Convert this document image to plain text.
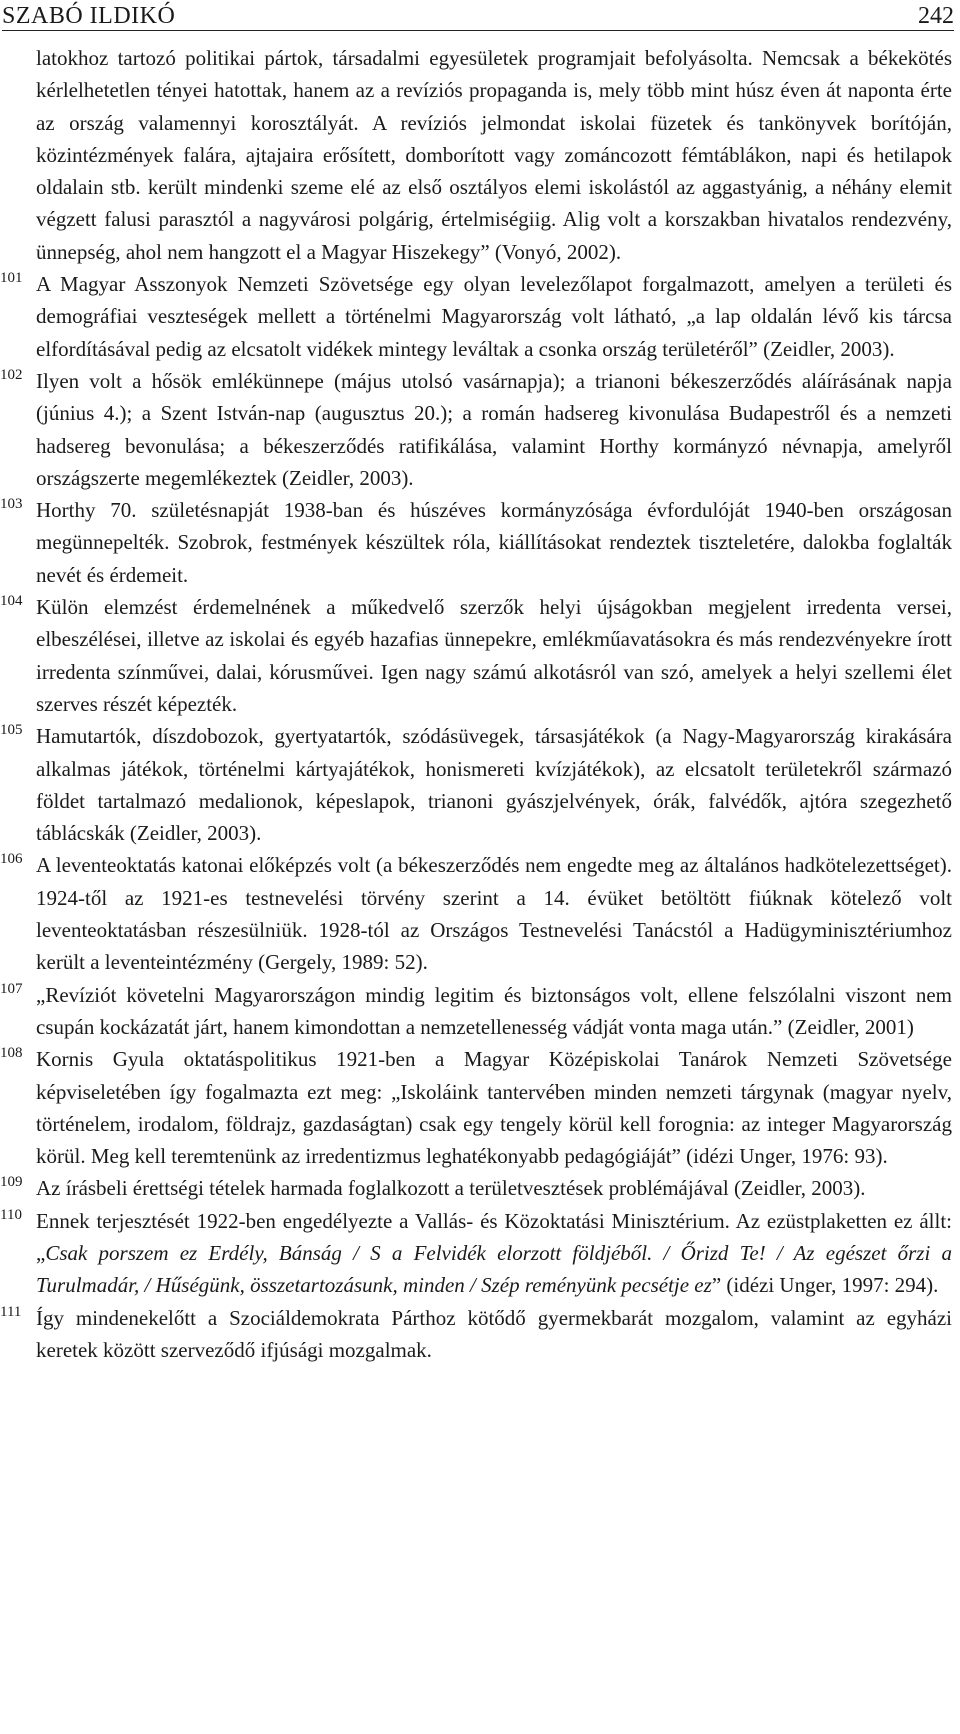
SZABÓ ILDIKÓ	242
latokhoz tartozó politikai pártok, társadalmi egyesületek programjait befolyásolta. Nemcsak a békekötés kérlelhetetlen tényei hatottak, hanem az a revíziós propaganda is, mely több mint húsz éven át naponta érte az ország valamennyi korosztályát. A revíziós jelmondat iskolai füzetek és tankönyvek borítóján, közintézmények falára, ajtajaira erősített, domborított vagy zománcozott fémtáblákon, napi és hetilapok oldalain stb. került mindenki szeme elé az első osztályos elemi iskolástól az aggastyánig, a néhány elemit végzett falusi parasztól a nagyvárosi polgárig, értelmiségiig. Alig volt a korszakban hivatalos rendezvény, ünnepség, ahol nem hangzott el a Magyar Hiszekegy” (Vonyó, 2002).
101 A Magyar Asszonyok Nemzeti Szövetsége egy olyan levelezőlapot forgalmazott, amelyen a területi és demográfiai veszteségek mellett a történelmi Magyarország volt látható, „a lap oldalán lévő kis tárcsa elfordításával pedig az elcsatolt vidékek mintegy leváltak a csonka ország területéről” (Zeidler, 2003).
102 Ilyen volt a hősök emlékünnepe (május utolsó vasárnapja); a trianoni békeszerződés aláírásának napja (június 4.); a Szent István-nap (augusztus 20.); a román hadsereg kivonulása Budapestről és a nemzeti hadsereg bevonulása; a békeszerződés ratifikálása, valamint Horthy kormányzó névnapja, amelyről országszerte megemlékeztek (Zeidler, 2003).
103 Horthy 70. születésnapját 1938-ban és húszéves kormányzósága évfordulóját 1940-ben országosan megünnepelték. Szobrok, festmények készültek róla, kiállításokat rendeztek tiszteletére, dalokba foglalták nevét és érdemeit.
104 Külön elemzést érdemelnének a műkedvelő szerzők helyi újságokban megjelent irredenta versei, elbeszélései, illetve az iskolai és egyéb hazafias ünnepekre, emlékműavatásokra és más rendezvényekre írott irredenta színművei, dalai, kórusművei. Igen nagy számú alkotásról van szó, amelyek a helyi szellemi élet szerves részét képezték.
105 Hamutartók, díszdobozok, gyertyatartók, szódásüvegek, társasjátékok (a Nagy-Magyarország kirakására alkalmas játékok, történelmi kártyajátékok, honismereti kvízjátékok), az elcsatolt területekről származó földet tartalmazó medalionok, képeslapok, trianoni gyászjelvények, órák, falvédők, ajtóra szegezhető táblácskák (Zeidler, 2003).
106 A leventeoktatás katonai előképzés volt (a békeszerződés nem engedte meg az általános hadkötelezettséget). 1924-től az 1921-es testnevelési törvény szerint a 14. évüket betöltött fiúknak kötelező volt leventeoktatásban részesülniük. 1928-tól az Országos Testnevelési Tanácstól a Hadügyminisztériumhoz került a leventeintézmény (Gergely, 1989: 52).
107 „Revíziót követelni Magyarországon mindig legitim és biztonságos volt, ellene felszólalni viszont nem csupán kockázatát járt, hanem kimondottan a nemzetellenesség vádját vonta maga után.” (Zeidler, 2001)
108 Kornis Gyula oktatáspolitikus 1921-ben a Magyar Középiskolai Tanárok Nemzeti Szövetsége képviseletében így fogalmazta ezt meg: „Iskoláink tantervében minden nemzeti tárgynak (magyar nyelv, történelem, irodalom, földrajz, gazdaságtan) csak egy tengely körül kell forognia: az integer Magyarország körül. Meg kell teremtenünk az irredentizmus leghatékonyabb pedagógiáját” (idézi Unger, 1976: 93).
109 Az írásbeli érettségi tételek harmada foglalkozott a területvesztések problémájával (Zeidler, 2003).
110 Ennek terjesztését 1922-ben engedélyezte a Vallás- és Közoktatási Minisztérium. Az ezüstplaketten ez állt: „Csak porszem ez Erdély, Bánság / S a Felvidék elorzott földjéből. / Őrizd Te! / Az egészet őrzi a Turulmadár, / Hűségünk, összetartozásunk, minden / Szép reményünk pecsétje ez” (idézi Unger, 1997: 294).
111 Így mindenekelőtt a Szociáldemokrata Párthoz kötődő gyermekbarát mozgalom, valamint az egyházi keretek között szerveződő ifjúsági mozgalmak.
